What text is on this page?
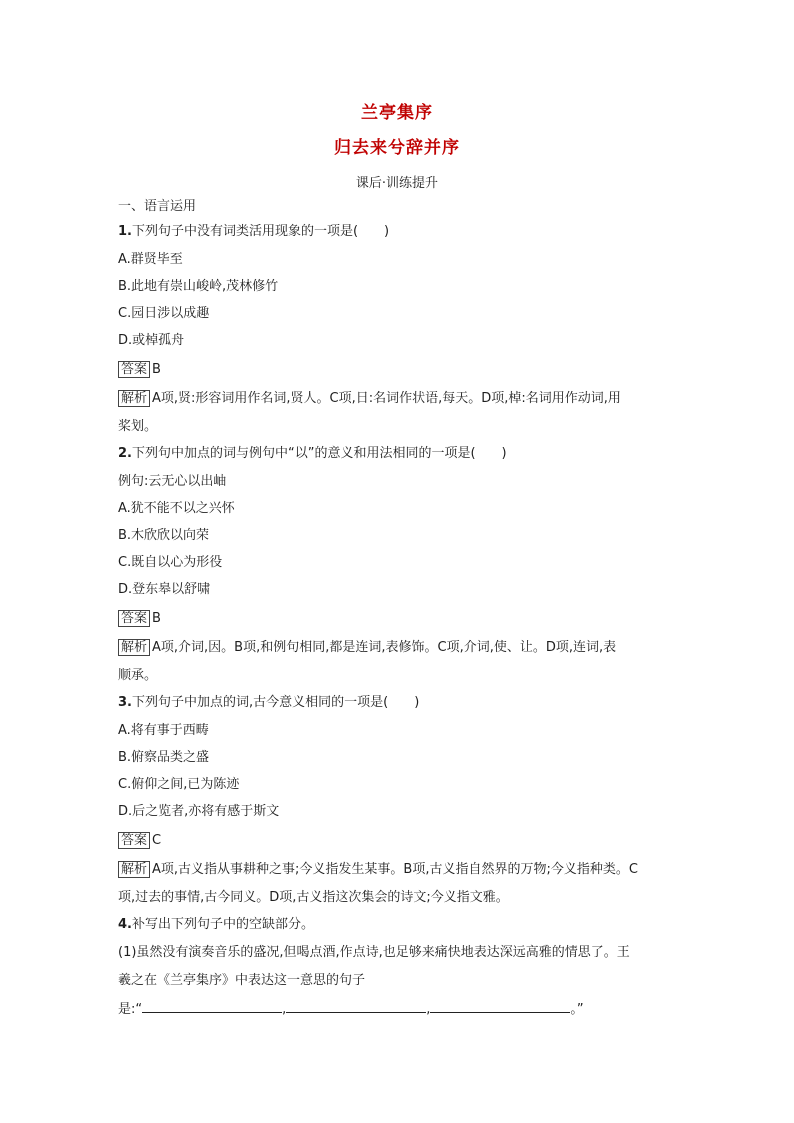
兰亭集序
归去来兮辞并序
课后·训练提升
一、语言运用
1.下列句子中没有词类活用现象的一项是(　　)
A.群贤毕至
B.此地有崇山峻岭,茂林修竹
C.园日涉以成趣
D.或棹孤舟
答案 B
解析 A项,贤:形容词用作名词,贤人。C项,日:名词作状语,每天。D项,棹:名词用作动词,用
桨划。
2.下列句中加点的词与例句中“以”的意义和用法相同的一项是(　　)
例句:云无心以出岫
A.犹不能不以之兴怀
B.木欣欣以向荣
C.既自以心为形役
D.登东皋以舒啸
答案 B
解析 A项,介词,因。B项,和例句相同,都是连词,表修饰。C项,介词,使、让。D项,连词,表
顺承。
3.下列句子中加点的词,古今意义相同的一项是(　　)
A.将有事于西畴
B.俯察品类之盛
C.俯仰之间,已为陈迹
D.后之览者,亦将有感于斯文
答案 C
解析 A项,古义指从事耕种之事;今义指发生某事。B项,古义指自然界的万物;今义指种类。C
项,过去的事情,古今同义。D项,古义指这次集会的诗文;今义指文雅。
4.补写出下列句子中的空缺部分。
(1)虽然没有演奏音乐的盛况,但喝点酒,作点诗,也足够来痛快地表达深远高雅的情思了。王
羲之在《兰亭集序》中表达这一意思的句子
是:“	,	,	。”
